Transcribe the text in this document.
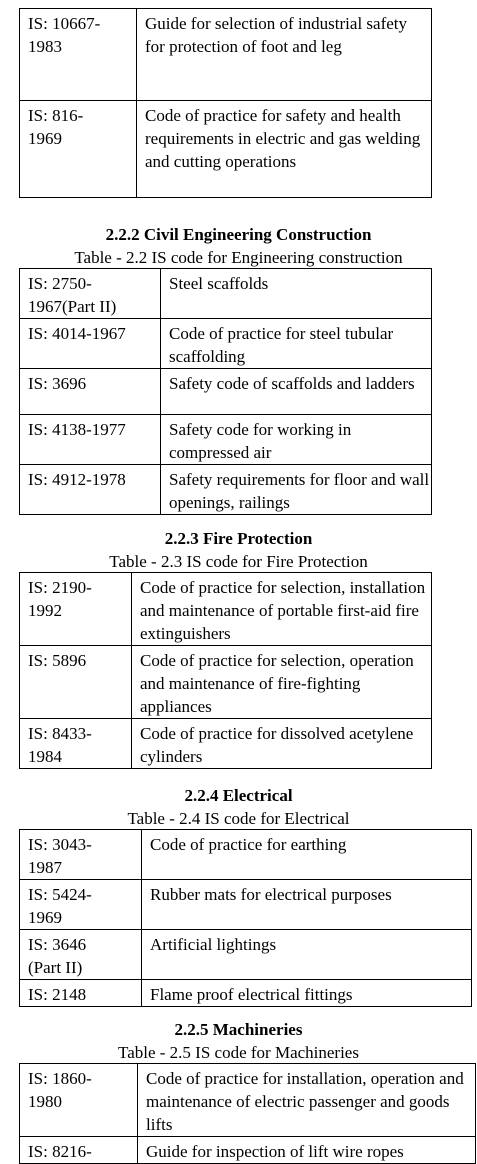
IS: 10667-
1983	Guide for selection of industrial safety for protection of foot and leg
IS: 816-
1969	Code of practice for safety and health requirements in electric and gas welding and cutting operations
2.2.2 Civil Engineering Construction
Table - 2.2 IS code for Engineering construction
IS: 2750-
1967(Part II)	Steel scaffolds
IS: 4014-1967	Code of practice for steel tubular scaffolding
IS: 3696	Safety code of scaffolds and ladders
IS: 4138-1977	Safety code for working in compressed air
IS: 4912-1978	Safety requirements for floor and wall openings, railings
2.2.3 Fire Protection
Table - 2.3 IS code for Fire Protection
IS: 2190-
1992	Code of practice for selection, installation and maintenance of portable first-aid fire extinguishers
IS: 5896	Code of practice for selection, operation and maintenance of fire-fighting appliances
IS: 8433-
1984	Code of practice for dissolved acetylene cylinders
2.2.4 Electrical
Table - 2.4 IS code for Electrical
IS: 3043-
1987	Code of practice for earthing
IS: 5424-
1969	Rubber mats for electrical purposes
IS: 3646
(Part II)	Artificial lightings
IS: 2148	Flame proof electrical fittings
2.2.5 Machineries
Table - 2.5 IS code for Machineries
IS: 1860-
1980	Code of practice for installation, operation and maintenance of electric passenger and goods lifts
IS: 8216-	Guide for inspection of lift wire ropes
